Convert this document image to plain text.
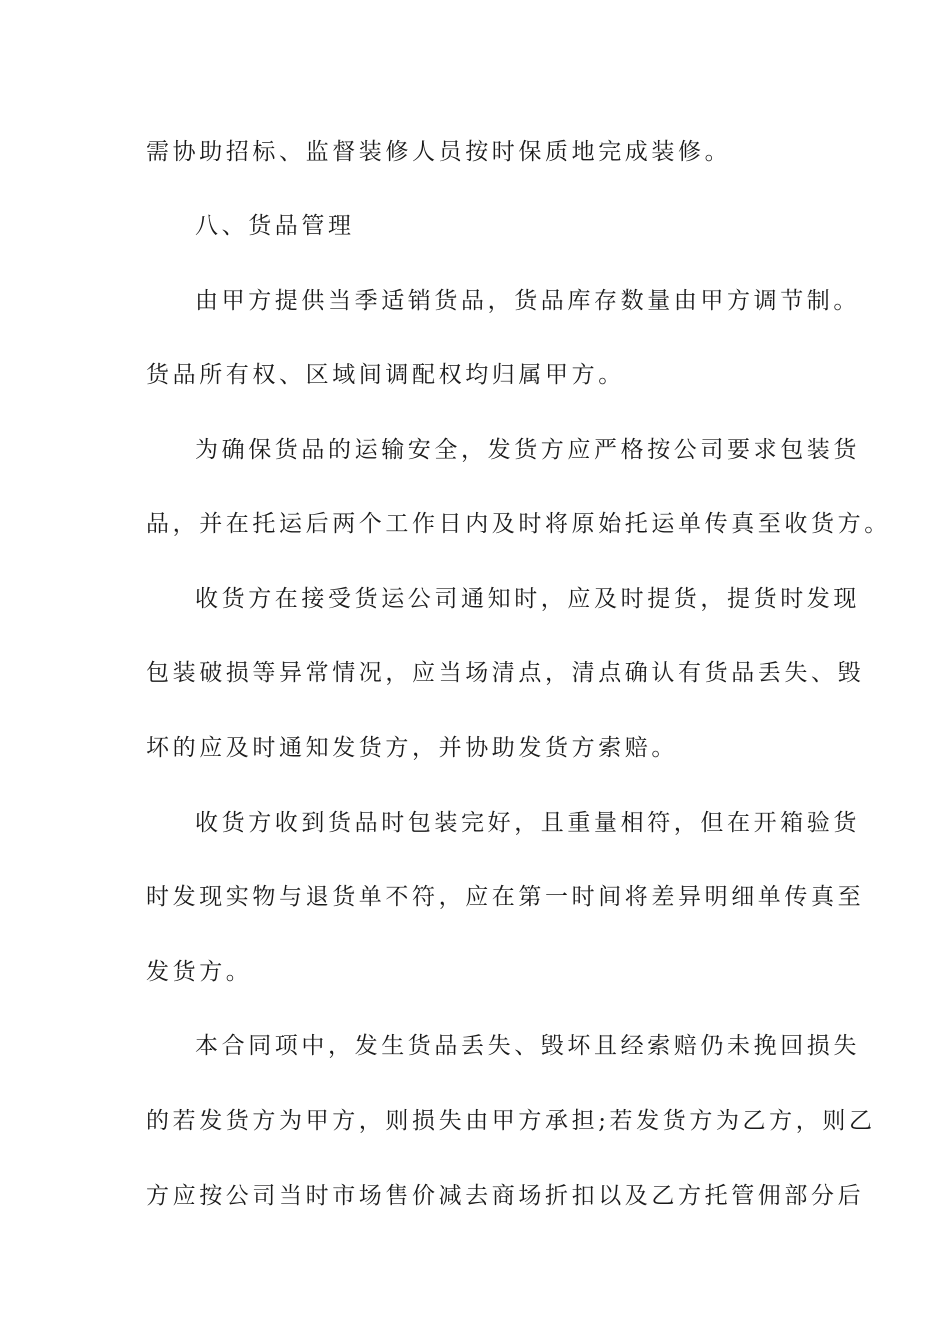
需协助招标、监督装修人员按时保质地完成装修。
八、货品管理
由甲方提供当季适销货品，货品库存数量由甲方调节制。
货品所有权、区域间调配权均归属甲方。
为确保货品的运输安全，发货方应严格按公司要求包装货
品，并在托运后两个工作日内及时将原始托运单传真至收货方。
收货方在接受货运公司通知时，应及时提货，提货时发现
包装破损等异常情况，应当场清点，清点确认有货品丢失、毁
坏的应及时通知发货方，并协助发货方索赔。
收货方收到货品时包装完好，且重量相符，但在开箱验货
时发现实物与退货单不符，应在第一时间将差异明细单传真至
发货方。
本合同项中，发生货品丢失、毁坏且经索赔仍未挽回损失
的若发货方为甲方，则损失由甲方承担;若发货方为乙方，则乙
方应按公司当时市场售价减去商场折扣以及乙方托管佣部分后
